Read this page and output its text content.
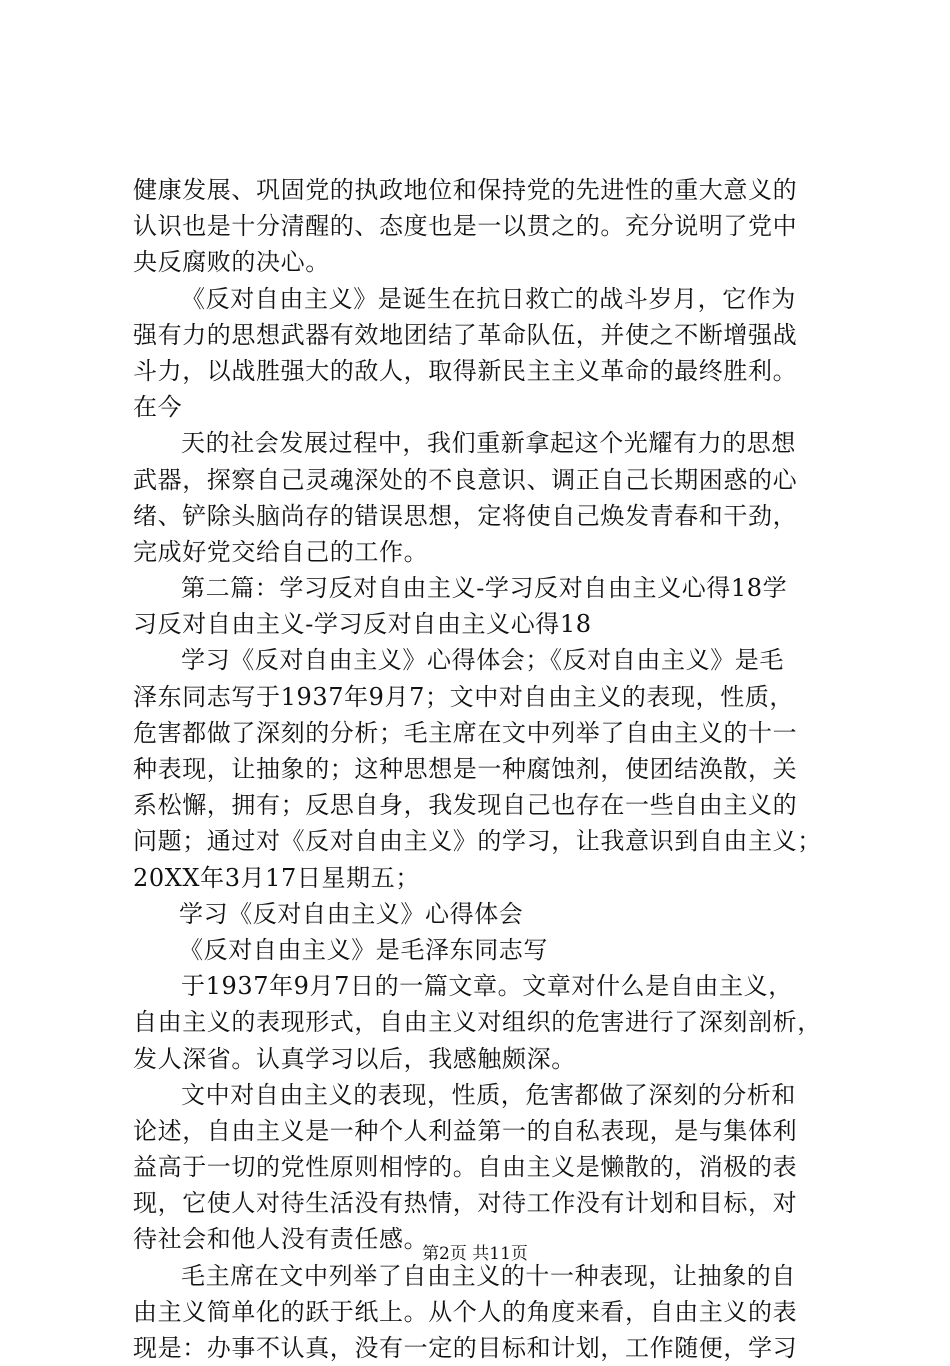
健康发展、巩固党的执政地位和保持党的先进性的重大意义的
认识也是十分清醒的、态度也是一以贯之的。充分说明了党中
央反腐败的决心。
《反对自由主义》是诞生在抗日救亡的战斗岁月，它作为
强有力的思想武器有效地团结了革命队伍，并使之不断增强战
斗力，以战胜强大的敌人，取得新民主主义革命的最终胜利。
在今
天的社会发展过程中，我们重新拿起这个光耀有力的思想
武器，探察自己灵魂深处的不良意识、调正自己长期困惑的心
绪、铲除头脑尚存的错误思想，定将使自己焕发青春和干劲，
完成好党交给自己的工作。
第二篇：学习反对自由主义-学习反对自由主义心得18学
习反对自由主义-学习反对自由主义心得18
学习《反对自由主义》心得体会；《反对自由主义》是毛
泽东同志写于1937年9月7；文中对自由主义的表现，性质，
危害都做了深刻的分析；毛主席在文中列举了自由主义的十一
种表现，让抽象的；这种思想是一种腐蚀剂，使团结涣散，关
系松懈，拥有；反思自身，我发现自己也存在一些自由主义的
问题；通过对《反对自由主义》的学习，让我意识到自由主义；
20XX年3月17日星期五；
学习《反对自由主义》心得体会
《反对自由主义》是毛泽东同志写
于1937年9月7日的一篇文章。文章对什么是自由主义，
自由主义的表现形式，自由主义对组织的危害进行了深刻剖析，
发人深省。认真学习以后，我感触颇深。
文中对自由主义的表现，性质，危害都做了深刻的分析和
论述，自由主义是一种个人利益第一的自私表现，是与集体利
益高于一切的党性原则相悖的。自由主义是懒散的，消极的表
现，它使人对待生活没有热情，对待工作没有计划和目标，对
待社会和他人没有责任感。
毛主席在文中列举了自由主义的十一种表现，让抽象的自
由主义简单化的跃于纸上。从个人的角度来看，自由主义的表
现是：办事不认真，没有一定的目标和计划，工作随便，学习
第2页 共11页
